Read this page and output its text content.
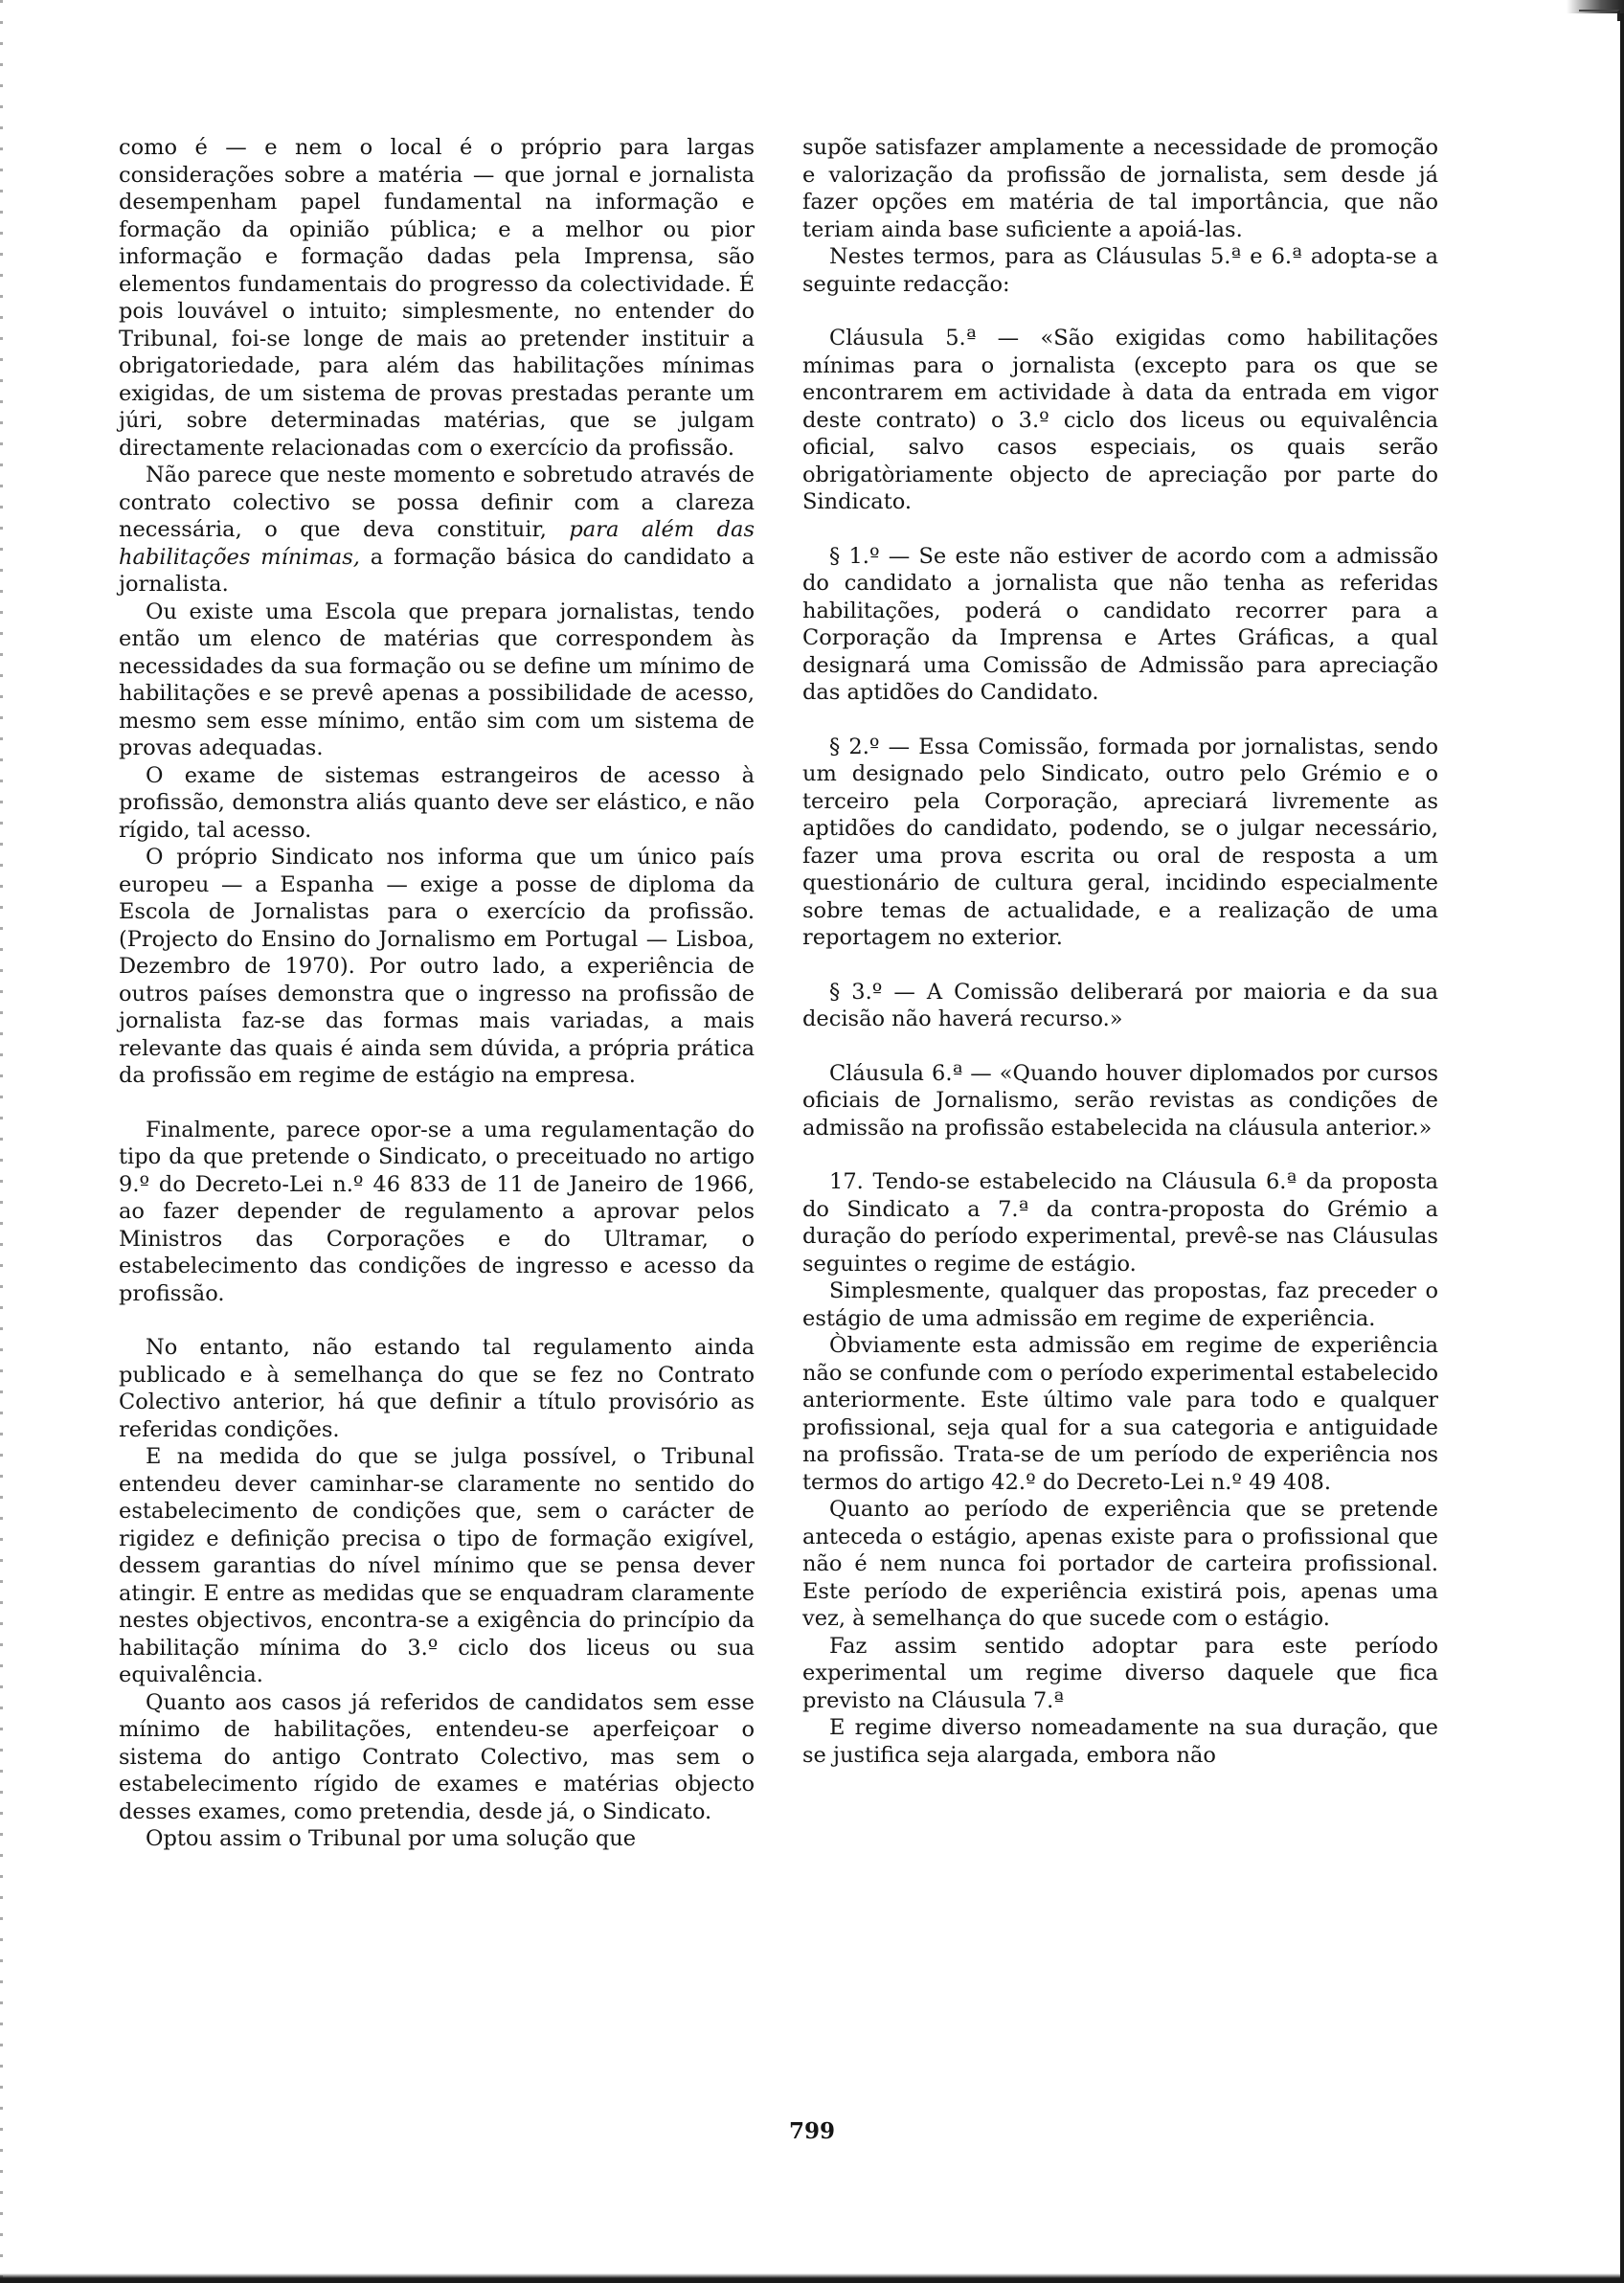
como é — e nem o local é o próprio para largas considerações sobre a matéria — que jornal e jornalista desempenham papel fundamental na informação e formação da opinião pública; e a melhor ou pior informação e formação dadas pela Imprensa, são elementos fundamentais do progresso da colectividade. É pois louvável o intuito; simplesmente, no entender do Tribunal, foi-se longe de mais ao pretender instituir a obrigatoriedade, para além das habilitações mínimas exigidas, de um sistema de provas prestadas perante um júri, sobre determinadas matérias, que se julgam directamente relacionadas com o exercício da profissão.

Não parece que neste momento e sobretudo através de contrato colectivo se possa definir com a clareza necessária, o que deva constituir, para além das habilitações mínimas, a formação básica do candidato a jornalista.

Ou existe uma Escola que prepara jornalistas, tendo então um elenco de matérias que correspondem às necessidades da sua formação ou se define um mínimo de habilitações e se prevê apenas a possibilidade de acesso, mesmo sem esse mínimo, então sim com um sistema de provas adequadas.

O exame de sistemas estrangeiros de acesso à profissão, demonstra aliás quanto deve ser elástico, e não rígido, tal acesso.

O próprio Sindicato nos informa que um único país europeu — a Espanha — exige a posse de diploma da Escola de Jornalistas para o exercício da profissão. (Projecto do Ensino do Jornalismo em Portugal — Lisboa, Dezembro de 1970). Por outro lado, a experiência de outros países demonstra que o ingresso na profissão de jornalista faz-se das formas mais variadas, a mais relevante das quais é ainda sem dúvida, a própria prática da profissão em regime de estágio na empresa.

Finalmente, parece opor-se a uma regulamentação do tipo da que pretende o Sindicato, o preceituado no artigo 9.º do Decreto-Lei n.º 46 833 de 11 de Janeiro de 1966, ao fazer depender de regulamento a aprovar pelos Ministros das Corporações e do Ultramar, o estabelecimento das condições de ingresso e acesso da profissão.

No entanto, não estando tal regulamento ainda publicado e à semelhança do que se fez no Contrato Colectivo anterior, há que definir a título provisório as referidas condições.

E na medida do que se julga possível, o Tribunal entendeu dever caminhar-se claramente no sentido do estabelecimento de condições que, sem o carácter de rigidez e definição precisa o tipo de formação exigível, dessem garantias do nível mínimo que se pensa dever atingir. E entre as medidas que se enquadram claramente nestes objectivos, encontra-se a exigência do princípio da habilitação mínima do 3.º ciclo dos liceus ou sua equivalência.

Quanto aos casos já referidos de candidatos sem esse mínimo de habilitações, entendeu-se aperfeiçoar o sistema do antigo Contrato Colectivo, mas sem o estabelecimento rígido de exames e matérias objecto desses exames, como pretendia, desde já, o Sindicato.

Optou assim o Tribunal por uma solução que

supõe satisfazer amplamente a necessidade de promoção e valorização da profissão de jornalista, sem desde já fazer opções em matéria de tal importância, que não teriam ainda base suficiente a apoiá-las.

Nestes termos, para as Cláusulas 5.ª e 6.ª adopta-se a seguinte redacção:

Cláusula 5.ª — «São exigidas como habilitações mínimas para o jornalista (excepto para os que se encontrarem em actividade à data da entrada em vigor deste contrato) o 3.º ciclo dos liceus ou equivalência oficial, salvo casos especiais, os quais serão obrigatòriamente objecto de apreciação por parte do Sindicato.

§ 1.º — Se este não estiver de acordo com a admissão do candidato a jornalista que não tenha as referidas habilitações, poderá o candidato recorrer para a Corporação da Imprensa e Artes Gráficas, a qual designará uma Comissão de Admissão para apreciação das aptidões do Candidato.

§ 2.º — Essa Comissão, formada por jornalistas, sendo um designado pelo Sindicato, outro pelo Grémio e o terceiro pela Corporação, apreciará livremente as aptidões do candidato, podendo, se o julgar necessário, fazer uma prova escrita ou oral de resposta a um questionário de cultura geral, incidindo especialmente sobre temas de actualidade, e a realização de uma reportagem no exterior.

§ 3.º — A Comissão deliberará por maioria e da sua decisão não haverá recurso.»

Cláusula 6.ª — «Quando houver diplomados por cursos oficiais de Jornalismo, serão revistas as condições de admissão na profissão estabelecida na cláusula anterior.»

17. Tendo-se estabelecido na Cláusula 6.ª da proposta do Sindicato a 7.ª da contra-proposta do Grémio a duração do período experimental, prevê-se nas Cláusulas seguintes o regime de estágio.

Simplesmente, qualquer das propostas, faz preceder o estágio de uma admissão em regime de experiência.

Òbviamente esta admissão em regime de experiência não se confunde com o período experimental estabelecido anteriormente. Este último vale para todo e qualquer profissional, seja qual for a sua categoria e antiguidade na profissão. Trata-se de um período de experiência nos termos do artigo 42.º do Decreto-Lei n.º 49 408.

Quanto ao período de experiência que se pretende anteceda o estágio, apenas existe para o profissional que não é nem nunca foi portador de carteira profissional. Este período de experiência existirá pois, apenas uma vez, à semelhança do que sucede com o estágio.

Faz assim sentido adoptar para este período experimental um regime diverso daquele que fica previsto na Cláusula 7.ª

E regime diverso nomeadamente na sua duração, que se justifica seja alargada, embora não

799
